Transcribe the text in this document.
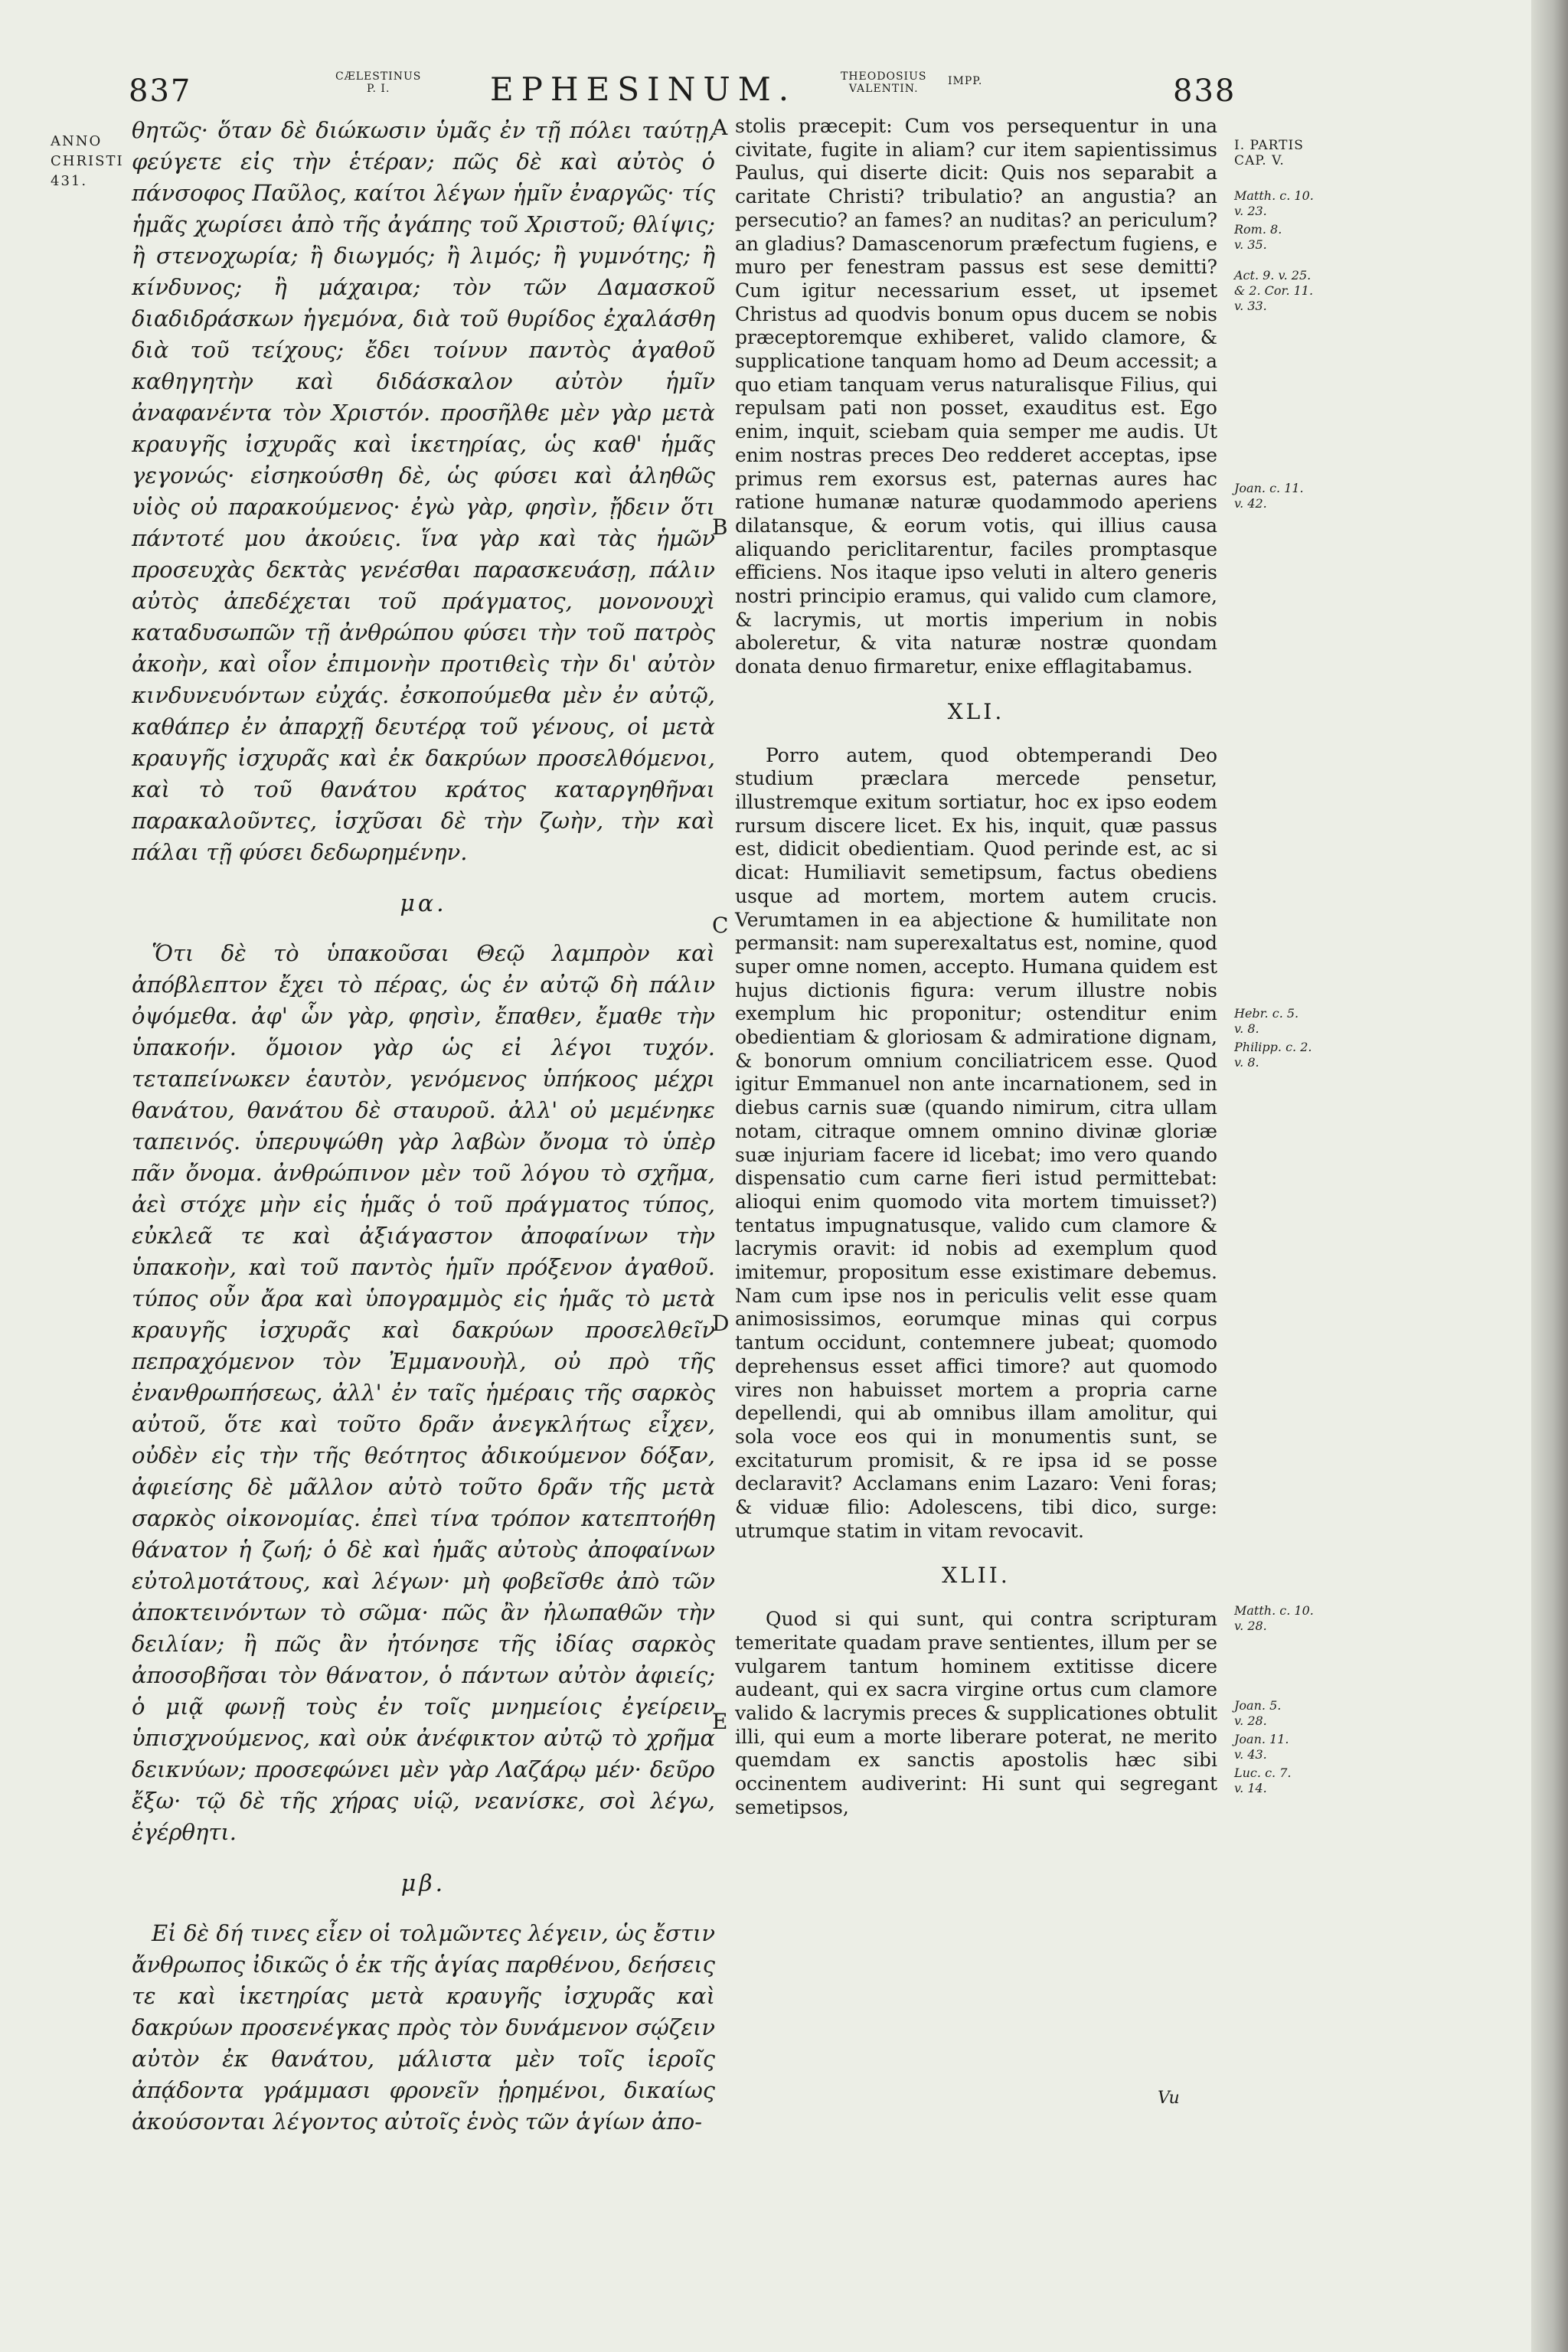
837	CÆLESTINUS
P. I.	EPHESINUM.	THEODOSIUS
VALENTIN.
IMPP.	838
ANNO
CHRISTI
431.

θητῶς· ὅταν δὲ διώκωσιν ὑμᾶς ἐν τῇ πόλει ταύτῃ, φεύγετε εἰς τὴν ἑτέραν; πῶς δὲ καὶ αὐτὸς ὁ πάνσοφος Παῦλος, καίτοι λέγων ἡμῖν ἐναργῶς· τίς ἡμᾶς χωρίσει ἀπὸ τῆς ἀγάπης τοῦ Χριστοῦ; θλίψις; ἢ στενοχωρία; ἢ διωγμός; ἢ λιμός; ἢ γυμνότης; ἢ κίνδυνος; ἢ μάχαιρα; τὸν τῶν Δαμασκοῦ διαδιδράσκων ἡγεμόνα, διὰ τοῦ θυρίδος ἐχαλάσθη διὰ τοῦ τείχους; ἔδει τοίνυν παντὸς ἀγαθοῦ καθηγητὴν καὶ διδάσκαλον αὐτὸν ἡμῖν ἀναφανέντα τὸν Χριστόν. προσῆλθε μὲν γὰρ μετὰ κραυγῆς ἰσχυρᾶς καὶ ἱκετηρίας, ὡς καθ' ἡμᾶς γεγονώς· εἰσηκούσθη δὲ, ὡς φύσει καὶ ἀληθῶς υἱὸς οὐ παρακούμενος· ἐγὼ γὰρ, φησὶν, ᾔδειν ὅτι πάντοτέ μου ἀκούεις. ἵνα γὰρ καὶ τὰς ἡμῶν προσευχὰς δεκτὰς γενέσθαι παρασκευάσῃ, πάλιν αὐτὸς ἀπεδέχεται τοῦ πράγματος, μονονουχὶ καταδυσωπῶν τῇ ἀνθρώπου φύσει τὴν τοῦ πατρὸς ἀκοὴν, καὶ οἷον ἐπιμονὴν προτιθεὶς τὴν δι' αὐτὸν κινδυνευόντων εὐχάς. ἐσκοπούμεθα μὲν ἐν αὐτῷ, καθάπερ ἐν ἀπαρχῇ δευτέρᾳ τοῦ γένους, οἱ μετὰ κραυγῆς ἰσχυρᾶς καὶ ἐκ δακρύων προσελθόμενοι, καὶ τὸ τοῦ θανάτου κράτος καταργηθῆναι παρακαλοῦντες, ἰσχῦσαι δὲ τὴν ζωὴν, τὴν καὶ πάλαι τῇ φύσει δεδωρημένην.

μα.

Ὅτι δὲ τὸ ὑπακοῦσαι Θεῷ λαμπρὸν καὶ ἀπόβλεπτον ἔχει τὸ πέρας, ὡς ἐν αὐτῷ δὴ πάλιν ὀψόμεθα. ἀφ' ὧν γὰρ, φησὶν, ἔπαθεν, ἔμαθε τὴν ὑπακοήν. ὅμοιον γὰρ ὡς εἰ λέγοι τυχόν. τεταπείνωκεν ἑαυτὸν, γενόμενος ὑπήκοος μέχρι θανάτου, θανάτου δὲ σταυροῦ. ἀλλ' οὐ μεμένηκε ταπεινός. ὑπερυψώθη γὰρ λαβὼν ὄνομα τὸ ὑπὲρ πᾶν ὄνομα. ἀνθρώπινον μὲν τοῦ λόγου τὸ σχῆμα, ἀεὶ στόχε μὴν εἰς ἡμᾶς ὁ τοῦ πράγματος τύπος, εὐκλεᾶ τε καὶ ἀξιάγαστον ἀποφαίνων τὴν ὑπακοὴν, καὶ τοῦ παντὸς ἡμῖν πρόξενον ἀγαθοῦ. τύπος οὖν ἄρα καὶ ὑπογραμμὸς εἰς ἡμᾶς τὸ μετὰ κραυγῆς ἰσχυρᾶς καὶ δακρύων προσελθεῖν πεπραχόμενον τὸν Ἐμμανουὴλ, οὐ πρὸ τῆς ἐνανθρωπήσεως, ἀλλ' ἐν ταῖς ἡμέραις τῆς σαρκὸς αὐτοῦ, ὅτε καὶ τοῦτο δρᾶν ἀνεγκλήτως εἶχεν, οὐδὲν εἰς τὴν τῆς θεότητος ἀδικούμενον δόξαν, ἀφιείσης δὲ μᾶλλον αὐτὸ τοῦτο δρᾶν τῆς μετὰ σαρκὸς οἰκονομίας. ἐπεὶ τίνα τρόπον κατεπτοήθη θάνατον ἡ ζωή; ὁ δὲ καὶ ἡμᾶς αὐτοὺς ἀποφαίνων εὐτολμοτάτους, καὶ λέγων· μὴ φοβεῖσθε ἀπὸ τῶν ἀποκτεινόντων τὸ σῶμα· πῶς ἂν ἠλωπαθῶν τὴν δειλίαν; ἢ πῶς ἂν ἠτόνησε τῆς ἰδίας σαρκὸς ἀποσοβῆσαι τὸν θάνατον, ὁ πάντων αὐτὸν ἀφιείς; ὁ μιᾷ φωνῇ τοὺς ἐν τοῖς μνημείοις ἐγείρειν ὑπισχνούμενος, καὶ οὐκ ἀνέφικτον αὐτῷ τὸ χρῆμα δεικνύων; προσεφώνει μὲν γὰρ Λαζάρῳ μέν· δεῦρο ἔξω· τῷ δὲ τῆς χήρας υἱῷ, νεανίσκε, σοὶ λέγω, ἐγέρθητι.

μβ.

Εἰ δὲ δή τινες εἶεν οἱ τολμῶντες λέγειν, ὡς ἔστιν ἄνθρωπος ἰδικῶς ὁ ἐκ τῆς ἁγίας παρθένου, δεήσεις τε καὶ ἱκετηρίας μετὰ κραυγῆς ἰσχυρᾶς καὶ δακρύων προσενέγκας πρὸς τὸν δυνάμενον σῴζειν αὐτὸν ἐκ θανάτου, μάλιστα μὲν τοῖς ἱεροῖς ἀπᾴδοντα γράμμασι φρονεῖν ᾑρημένοι, δικαίως ἀκούσονται λέγοντος αὐτοῖς ἑνὸς τῶν ἁγίων ἀπο-

A
B
C
D
E

stolis præcepit: Cum vos persequentur in una civitate, fugite in aliam? cur item sapientissimus Paulus, qui diserte dicit: Quis nos separabit a caritate Christi? tribulatio? an angustia? an persecutio? an fames? an nuditas? an periculum? an gladius? Damascenorum præfectum fugiens, e muro per fenestram passus est sese demitti? Cum igitur necessarium esset, ut ipsemet Christus ad quodvis bonum opus ducem se nobis præceptoremque exhiberet, valido clamore, & supplicatione tanquam homo ad Deum accessit; a quo etiam tanquam verus naturalisque Filius, qui repulsam pati non posset, exauditus est. Ego enim, inquit, sciebam quia semper me audis. Ut enim nostras preces Deo redderet acceptas, ipse primus rem exorsus est, paternas aures hac ratione humanæ naturæ quodammodo aperiens dilatansque, & eorum votis, qui illius causa aliquando periclitarentur, faciles promptasque efficiens. Nos itaque ipso veluti in altero generis nostri principio eramus, qui valido cum clamore, & lacrymis, ut mortis imperium in nobis aboleretur, & vita naturæ nostræ quondam donata denuo firmaretur, enixe efflagitabamus.

XLI.

Porro autem, quod obtemperandi Deo studium præclara mercede pensetur, illustremque exitum sortiatur, hoc ex ipso eodem rursum discere licet. Ex his, inquit, quæ passus est, didicit obedientiam. Quod perinde est, ac si dicat: Humiliavit semetipsum, factus obediens usque ad mortem, mortem autem crucis. Verumtamen in ea abjectione & humilitate non permansit: nam superexaltatus est, nomine, quod super omne nomen, accepto. Humana quidem est hujus dictionis figura: verum illustre nobis exemplum hic proponitur; ostenditur enim obedientiam & gloriosam & admiratione dignam, & bonorum omnium conciliatricem esse. Quod igitur Emmanuel non ante incarnationem, sed in diebus carnis suæ (quando nimirum, citra ullam notam, citraque omnem omnino divinæ gloriæ suæ injuriam facere id licebat; imo vero quando dispensatio cum carne fieri istud permittebat: alioqui enim quomodo vita mortem timuisset?) tentatus impugnatusque, valido cum clamore & lacrymis oravit: id nobis ad exemplum quod imitemur, propositum esse existimare debemus. Nam cum ipse nos in periculis velit esse quam animosissimos, eorumque minas qui corpus tantum occidunt, contemnere jubeat; quomodo deprehensus esset affici timore? aut quomodo vires non habuisset mortem a propria carne depellendi, qui ab omnibus illam amolitur, qui sola voce eos qui in monumentis sunt, se excitaturum promisit, & re ipsa id se posse declaravit? Acclamans enim Lazaro: Veni foras; & viduæ filio: Adolescens, tibi dico, surge: utrumque statim in vitam revocavit.

XLII.

Quod si qui sunt, qui contra scripturam temeritate quadam prave sentientes, illum per se vulgarem tantum hominem extitisse dicere audeant, qui ex sacra virgine ortus cum clamore valido & lacrymis preces & supplicationes obtulit illi, qui eum a morte liberare poterat, ne merito quemdam ex sanctis apostolis hæc sibi occinentem audiverint: Hi sunt qui segregant semetipsos,

I. PARTIS
CAP. V.
Matth. c. 10.
v. 23.
Rom. 8.
v. 35.
Act. 9. v. 25.
& 2. Cor. 11.
v. 33.
Joan. c. 11.
v. 42.
Hebr. c. 5.
v. 8.
Philipp. c. 2.
v. 8.
Matth. c. 10.
v. 28.
Joan. 5.
v. 28.
Joan. 11.
v. 43.
Luc. c. 7.
v. 14.
Vu
